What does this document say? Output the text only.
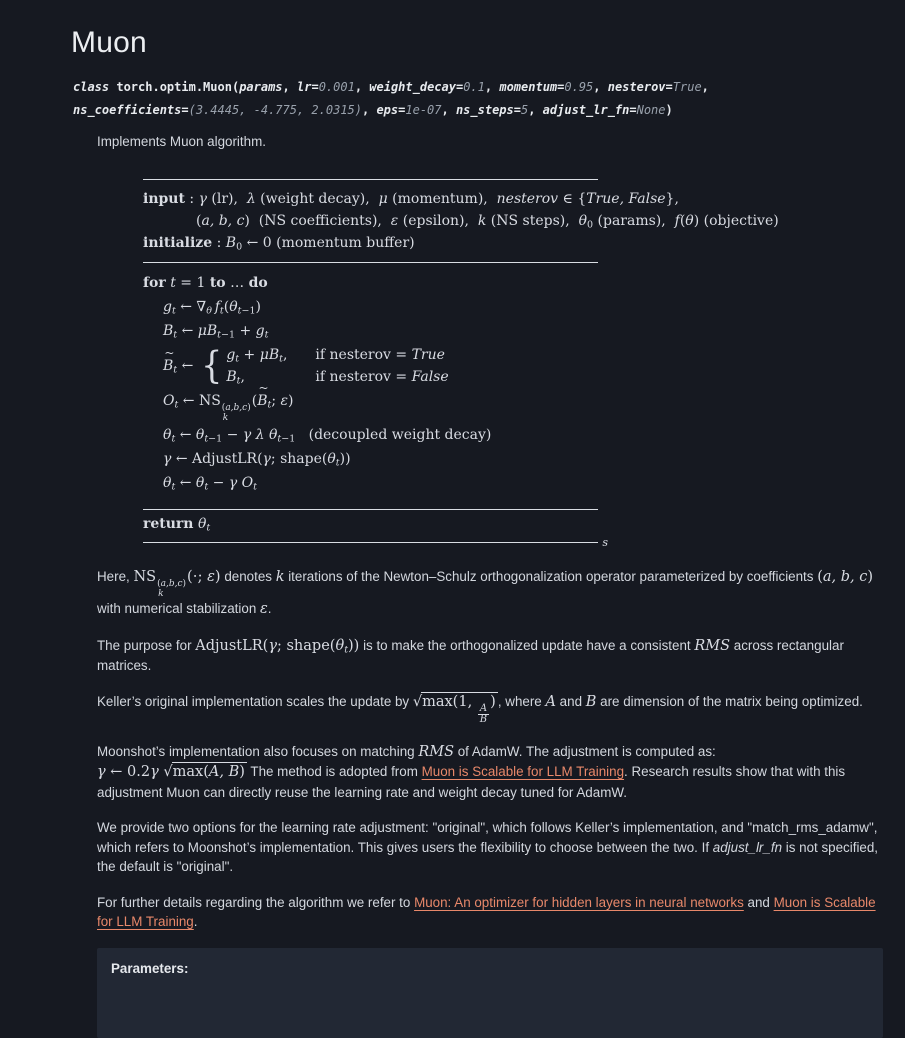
Muon
class torch.optim.Muon(params, lr=0.001, weight_decay=0.1, momentum=0.95, nesterov=True, ns_coefficients=(3.4445, -4.775, 2.0315), eps=1e-07, ns_steps=5, adjust_lr_fn=None)

Implements Muon algorithm.

input : γ (lr),  λ (weight decay),  μ (momentum),  nesterov ∈ {True, False},
(a, b, c)  (NS coefficients),  ε (epsilon),  k (NS steps),  $\theta_0$ (params),  f(θ) (objective)
initialize : $B_0$ ← 0 (momentum buffer)
for t = 1 to … do
$g_t$ ← $\nabla_\theta$  $f_t(\theta_{t-1})$
$B_t$ ← $\mu B_{t-1} + g_t$
B
~
$_t$ ← { $g_t + \mu B_t$, if nesterov = True
$B_t$,	if nesterov = False
$O_t$ ← NS (a,b,c)
k
(B
~
$_t$; ε)
$\theta_t$ ← $\theta_{t-1} - \gamma$ λ $\theta_{t-1}$   (decoupled weight decay)
γ ← AdjustLR(γ; $shape(\theta_t)$)
$\theta_t$ ← $\theta_t - \gamma$ $O_t$
return $\theta_t$
s

Here, NS (a,b,c)
k
(⋅; ε) denotes k iterations of the Newton–Schulz orthogonalization operator parameterized by coefficients (a, b, c) with numerical stabilization ε.

The purpose for AdjustLR(γ; $shape(\theta_t)$) is to make the orthogonalized update have a consistent RMS across rectangular matrices.

Keller’s original implementation scales the update by √max(1,
$\frac{A}{B}$
) , where A and B are dimension of the matrix being optimized.

Moonshot’s implementation also focuses on matching RMS of AdamW. The adjustment is computed as:
γ ← 0.2γ √max(A, B) The method is adopted from Muon is Scalable for LLM Training. Research results show that with this adjustment Muon can directly reuse the learning rate and weight decay tuned for AdamW.

We provide two options for the learning rate adjustment: "original", which follows Keller’s implementation, and "match_rms_adamw", which refers to Moonshot’s implementation. This gives users the flexibility to choose between the two. If adjust_lr_fn is not specified, the default is "original".

For further details regarding the algorithm we refer to Muon: An optimizer for hidden layers in neural networks and Muon is Scalable for LLM Training.

Parameters:
